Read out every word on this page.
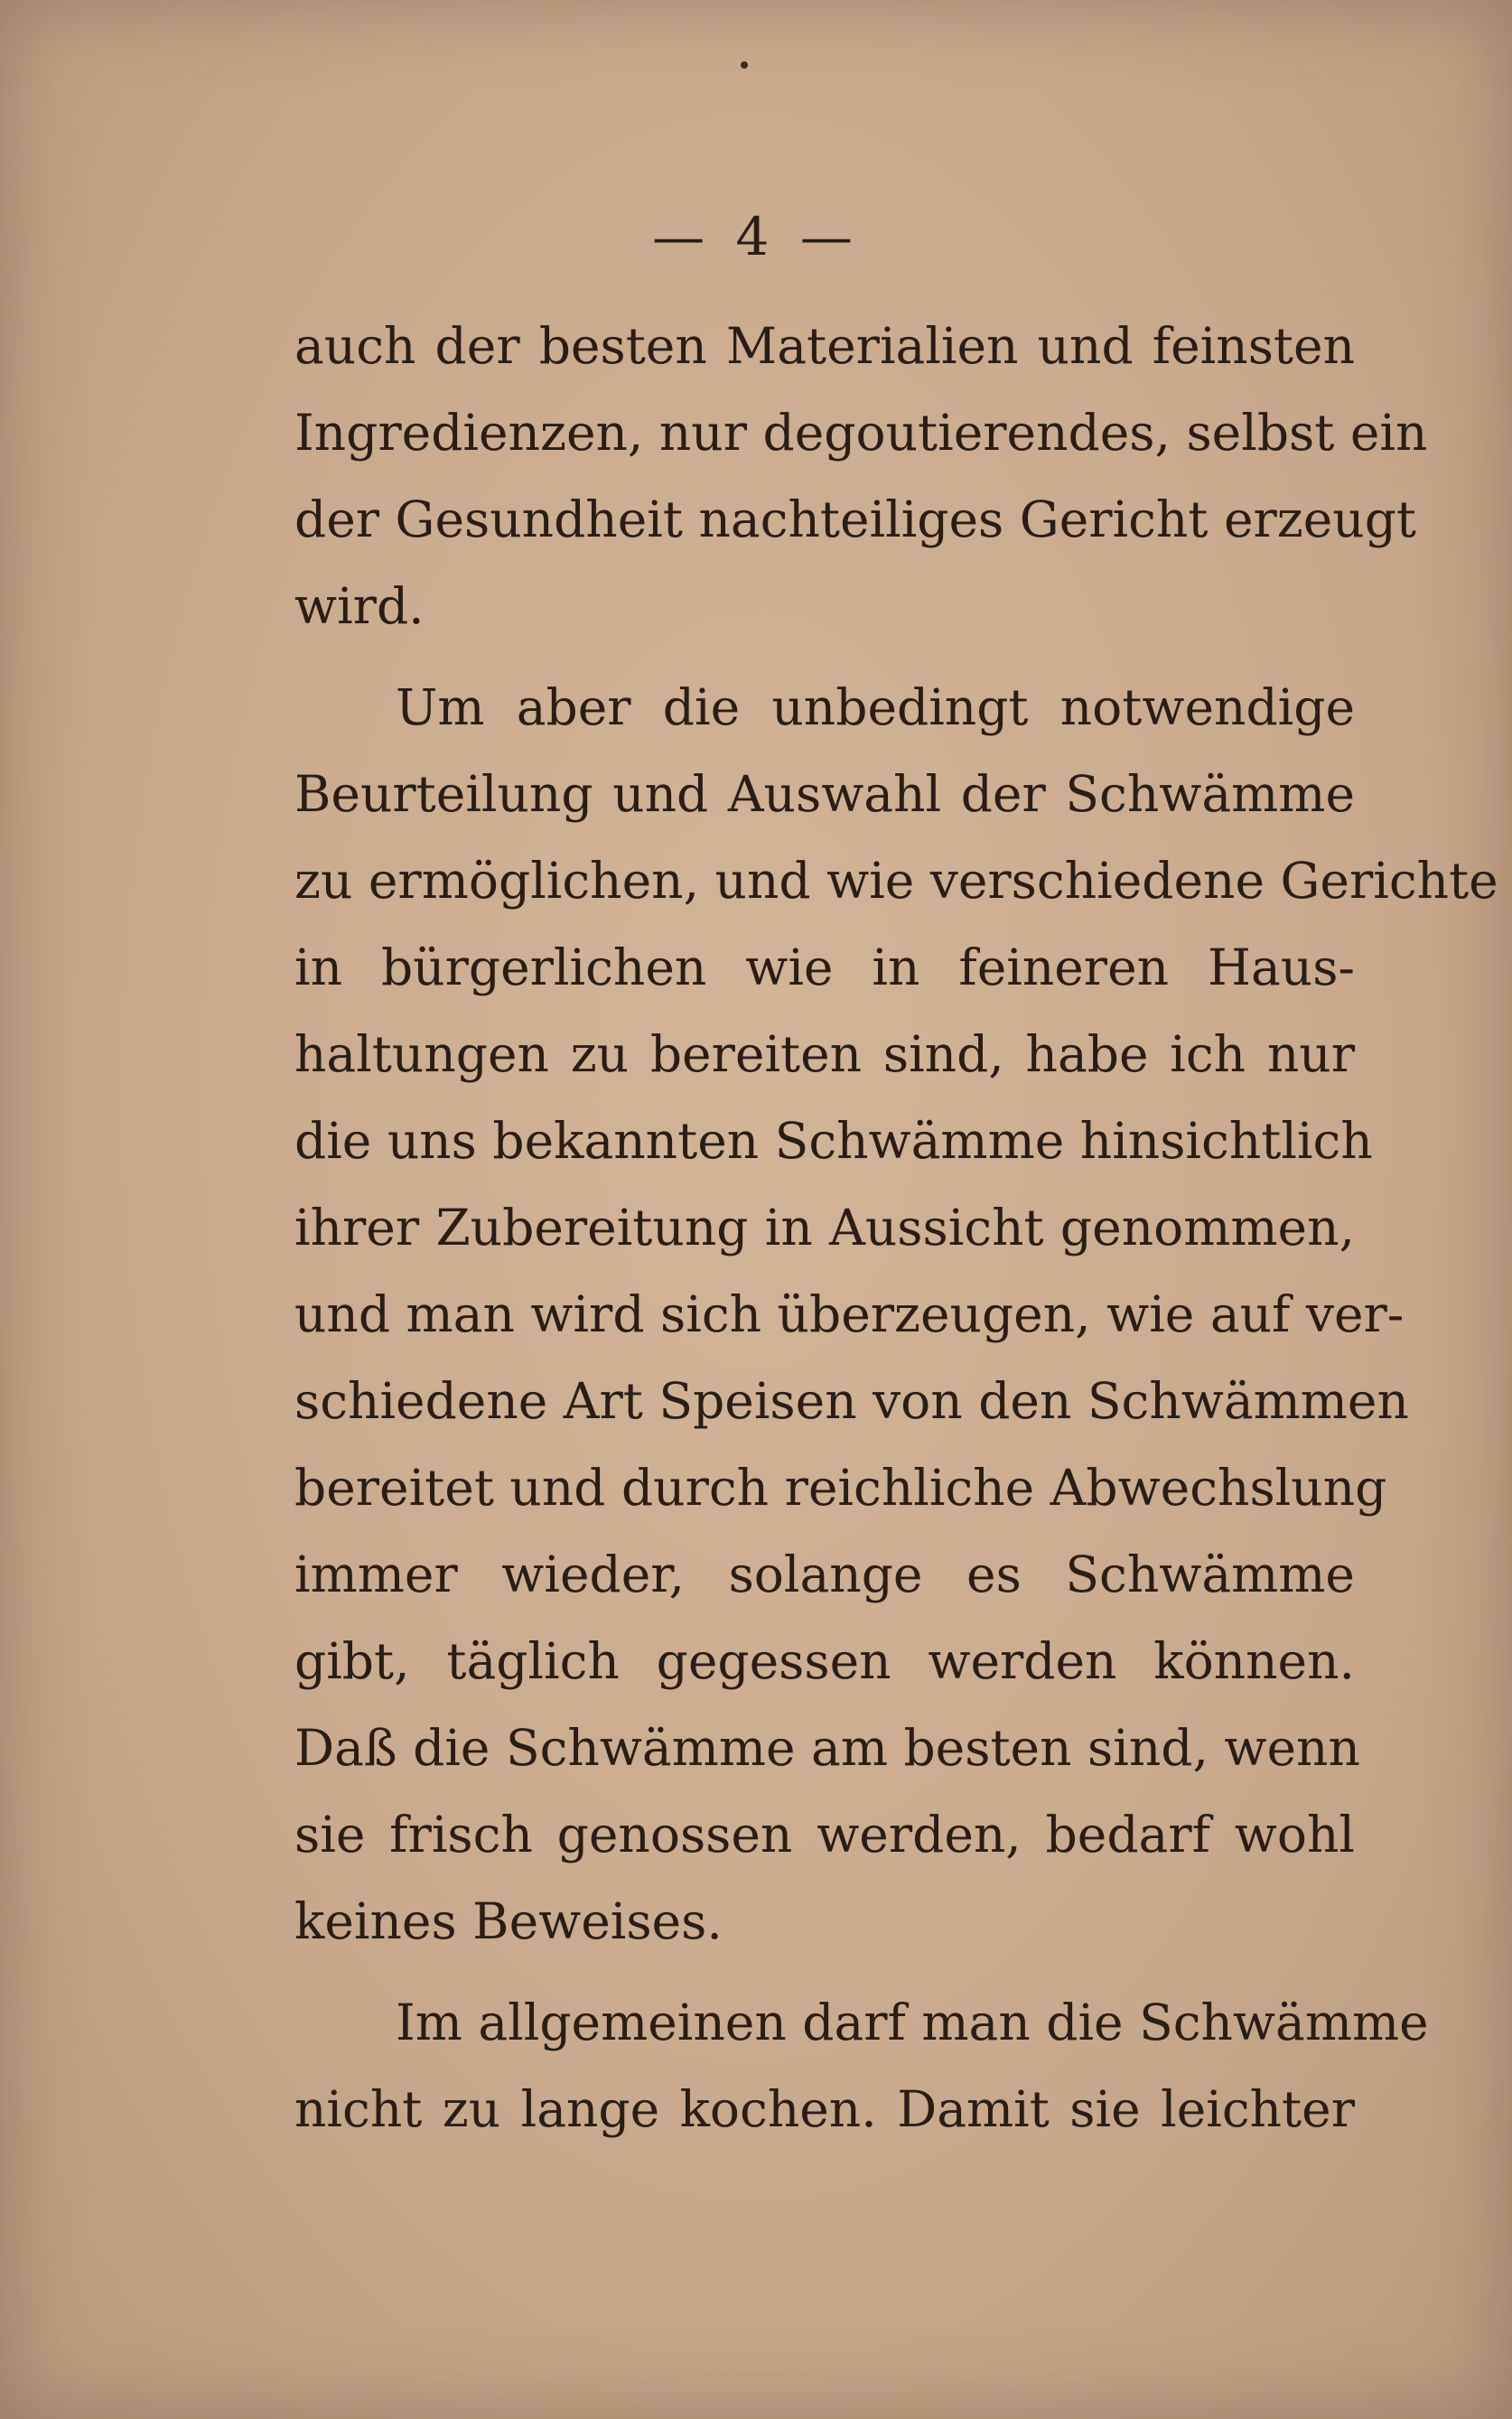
— 4 —

auch der besten Materialien und feinsten
Ingredienzen, nur degoutierendes, selbst ein
der Gesundheit nachteiliges Gericht erzeugt
wird.

Um aber die unbedingt notwendige
Beurteilung und Auswahl der Schwämme
zu ermöglichen, und wie verschiedene Gerichte
in bürgerlichen wie in feineren Haus-
haltungen zu bereiten sind, habe ich nur
die uns bekannten Schwämme hinsichtlich
ihrer Zubereitung in Aussicht genommen,
und man wird sich überzeugen, wie auf ver-
schiedene Art Speisen von den Schwämmen
bereitet und durch reichliche Abwechslung
immer wieder, solange es Schwämme
gibt, täglich gegessen werden können.
Daß die Schwämme am besten sind, wenn
sie frisch genossen werden, bedarf wohl
keines Beweises.

Im allgemeinen darf man die Schwämme
nicht zu lange kochen. Damit sie leichter
